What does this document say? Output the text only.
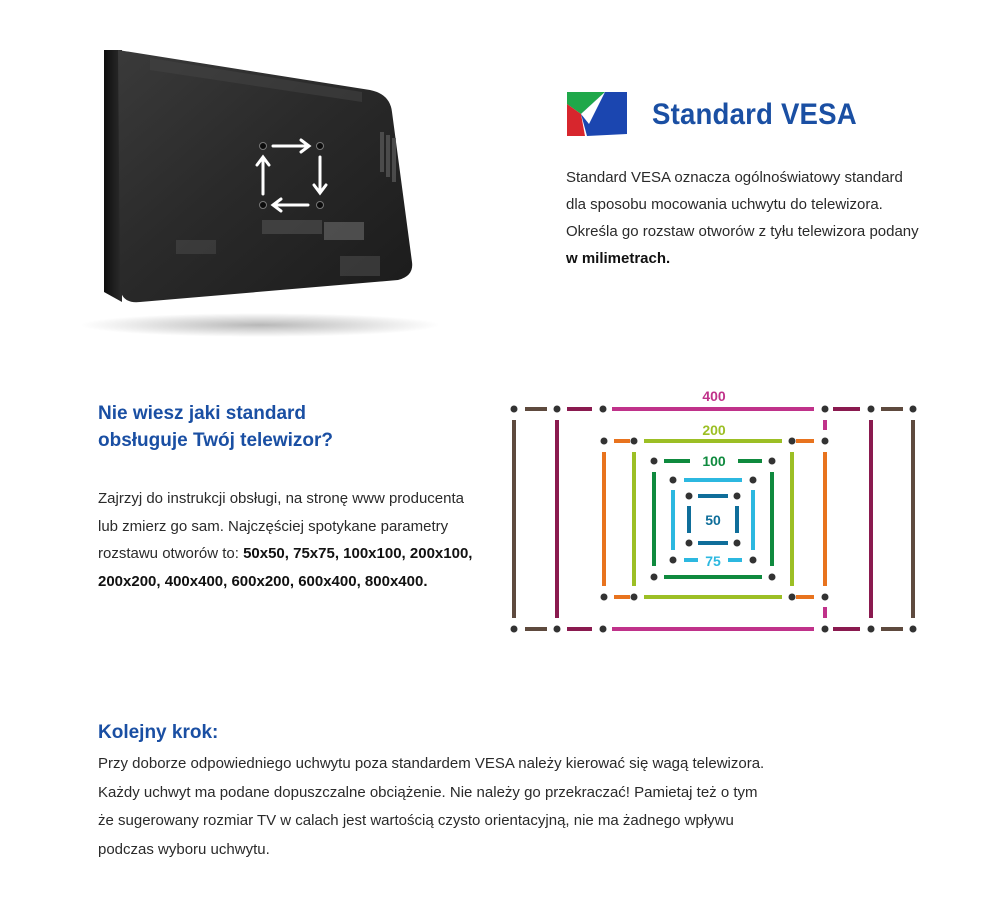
Standard VESA
Standard VESA oznacza ogólnoświatowy standard dla sposobu mocowania uchwytu do telewizora. Określa go rozstaw otworów z tyłu telewizora podany w milimetrach.
Nie wiesz jaki standard
obsługuje Twój telewizor?
Zajrzyj do instrukcji obsługi, na stronę www producenta lub zmierz go sam. Najczęściej spotykane parametry rozstawu otworów to: 50x50, 75x75, 100x100, 200x100, 200x200, 400x400, 600x200, 600x400, 800x400.
400
200
100
75
50
Kolejny krok:

Przy doborze odpowiedniego uchwytu poza standardem VESA należy kierować się wagą telewizora.

Każdy uchwyt ma podane dopuszczalne obciążenie. Nie należy go przekraczać! Pamietaj też o tym

że sugerowany rozmiar TV w calach jest wartością czysto orientacyjną, nie ma żadnego wpływu

podczas wyboru uchwytu.
